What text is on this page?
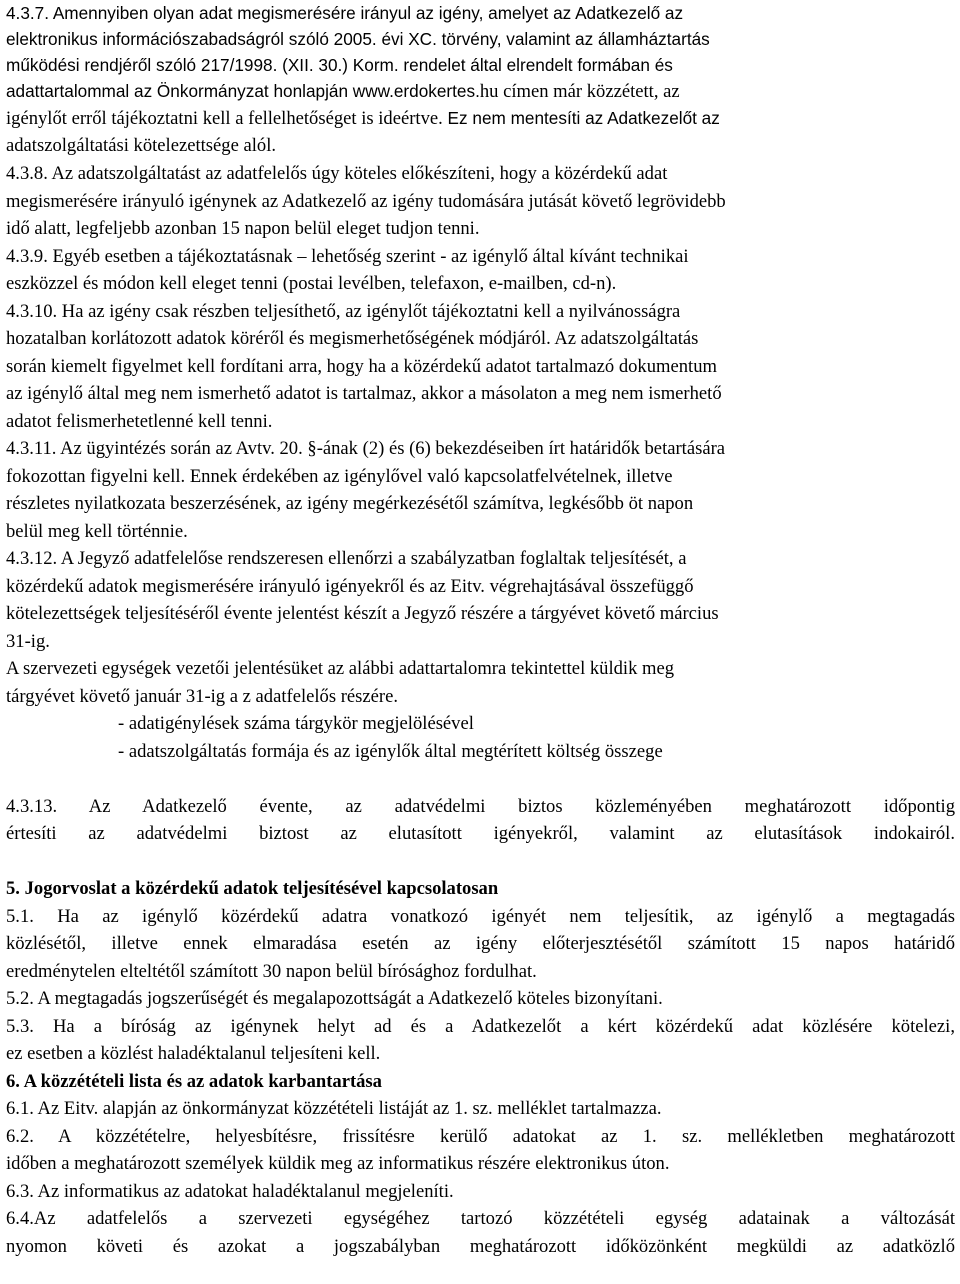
4.3.7. Amennyiben olyan adat megismerésére irányul az igény, amelyet az Adatkezelő az
elektronikus információszabadságról szóló 2005. évi XC. törvény, valamint az államháztartás
működési rendjéről szóló 217/1998. (XII. 30.) Korm. rendelet által elrendelt formában és
adattartalommal az Önkormányzat honlapján www.erdokertes.hu címen már közzétett, az
igénylőt erről tájékoztatni kell a fellelhetőséget is ideértve. Ez nem mentesíti az Adatkezelőt az
adatszolgáltatási kötelezettsége alól.
4.3.8. Az adatszolgáltatást az adatfelelős úgy köteles előkészíteni, hogy a közérdekű adat
megismerésére irányuló igénynek az Adatkezelő az igény tudomására jutását követő legrövidebb
idő alatt, legfeljebb azonban 15 napon belül eleget tudjon tenni.
4.3.9. Egyéb esetben a tájékoztatásnak – lehetőség szerint - az igénylő által kívánt technikai
eszközzel és módon kell eleget tenni (postai levélben, telefaxon, e-mailben, cd-n).
4.3.10. Ha az igény csak részben teljesíthető, az igénylőt tájékoztatni kell a nyilvánosságra
hozatalban korlátozott adatok köréről és megismerhetőségének módjáról. Az adatszolgáltatás
során kiemelt figyelmet kell fordítani arra, hogy ha a közérdekű adatot tartalmazó dokumentum
az igénylő által meg nem ismerhető adatot is tartalmaz, akkor a másolaton a meg nem ismerhető
adatot felismerhetetlenné kell tenni.
4.3.11. Az ügyintézés során az Avtv. 20. §-ának (2) és (6) bekezdéseiben írt határidők betartására
fokozottan figyelni kell. Ennek érdekében az igénylővel való kapcsolatfelvételnek, illetve
részletes nyilatkozata beszerzésének, az igény megérkezésétől számítva, legkésőbb öt napon
belül meg kell történnie.
4.3.12. A Jegyző adatfelelőse rendszeresen ellenőrzi a szabályzatban foglaltak teljesítését, a
közérdekű adatok megismerésére irányuló igényekről és az Eitv. végrehajtásával összefüggő
kötelezettségek teljesítéséről évente jelentést készít a Jegyző részére a tárgyévet követő március
31-ig.
A szervezeti egységek vezetői jelentésüket az alábbi adattartalomra tekintettel küldik meg
tárgyévet követő január 31-ig a z adatfelelős részére.
- adatigénylések száma tárgykör megjelölésével
- adatszolgáltatás formája és az igénylők által megtérített költség összege
4.3.13. Az Adatkezelő évente, az adatvédelmi biztos közleményében meghatározott időpontig
értesíti az adatvédelmi biztost az elutasított igényekről, valamint az elutasítások indokairól.
5. Jogorvoslat a közérdekű adatok teljesítésével kapcsolatosan
5.1. Ha az igénylő közérdekű adatra vonatkozó igényét nem teljesítik, az igénylő a megtagadás
közlésétől, illetve ennek elmaradása esetén az igény előterjesztésétől számított 15 napos határidő
eredménytelen elteltétől számított 30 napon belül bírósághoz fordulhat.
5.2. A megtagadás jogszerűségét és megalapozottságát a Adatkezelő köteles bizonyítani.
5.3. Ha a bíróság az igénynek helyt ad és a Adatkezelőt a kért közérdekű adat közlésére kötelezi,
ez esetben a közlést haladéktalanul teljesíteni kell.
6. A közzétételi lista és az adatok karbantartása
6.1. Az Eitv. alapján az önkormányzat közzétételi listáját az 1. sz. melléklet tartalmazza.
6.2. A közzétételre, helyesbítésre, frissítésre kerülő adatokat az 1. sz. mellékletben meghatározott
időben a meghatározott személyek küldik meg az informatikus részére elektronikus úton.
6.3. Az informatikus az adatokat haladéktalanul megjeleníti.
6.4.Az adatfelelős a szervezeti egységéhez tartozó közzétételi egység adatainak a változását
nyomon követi és azokat a jogszabályban meghatározott időközönként megküldi az adatközlő
